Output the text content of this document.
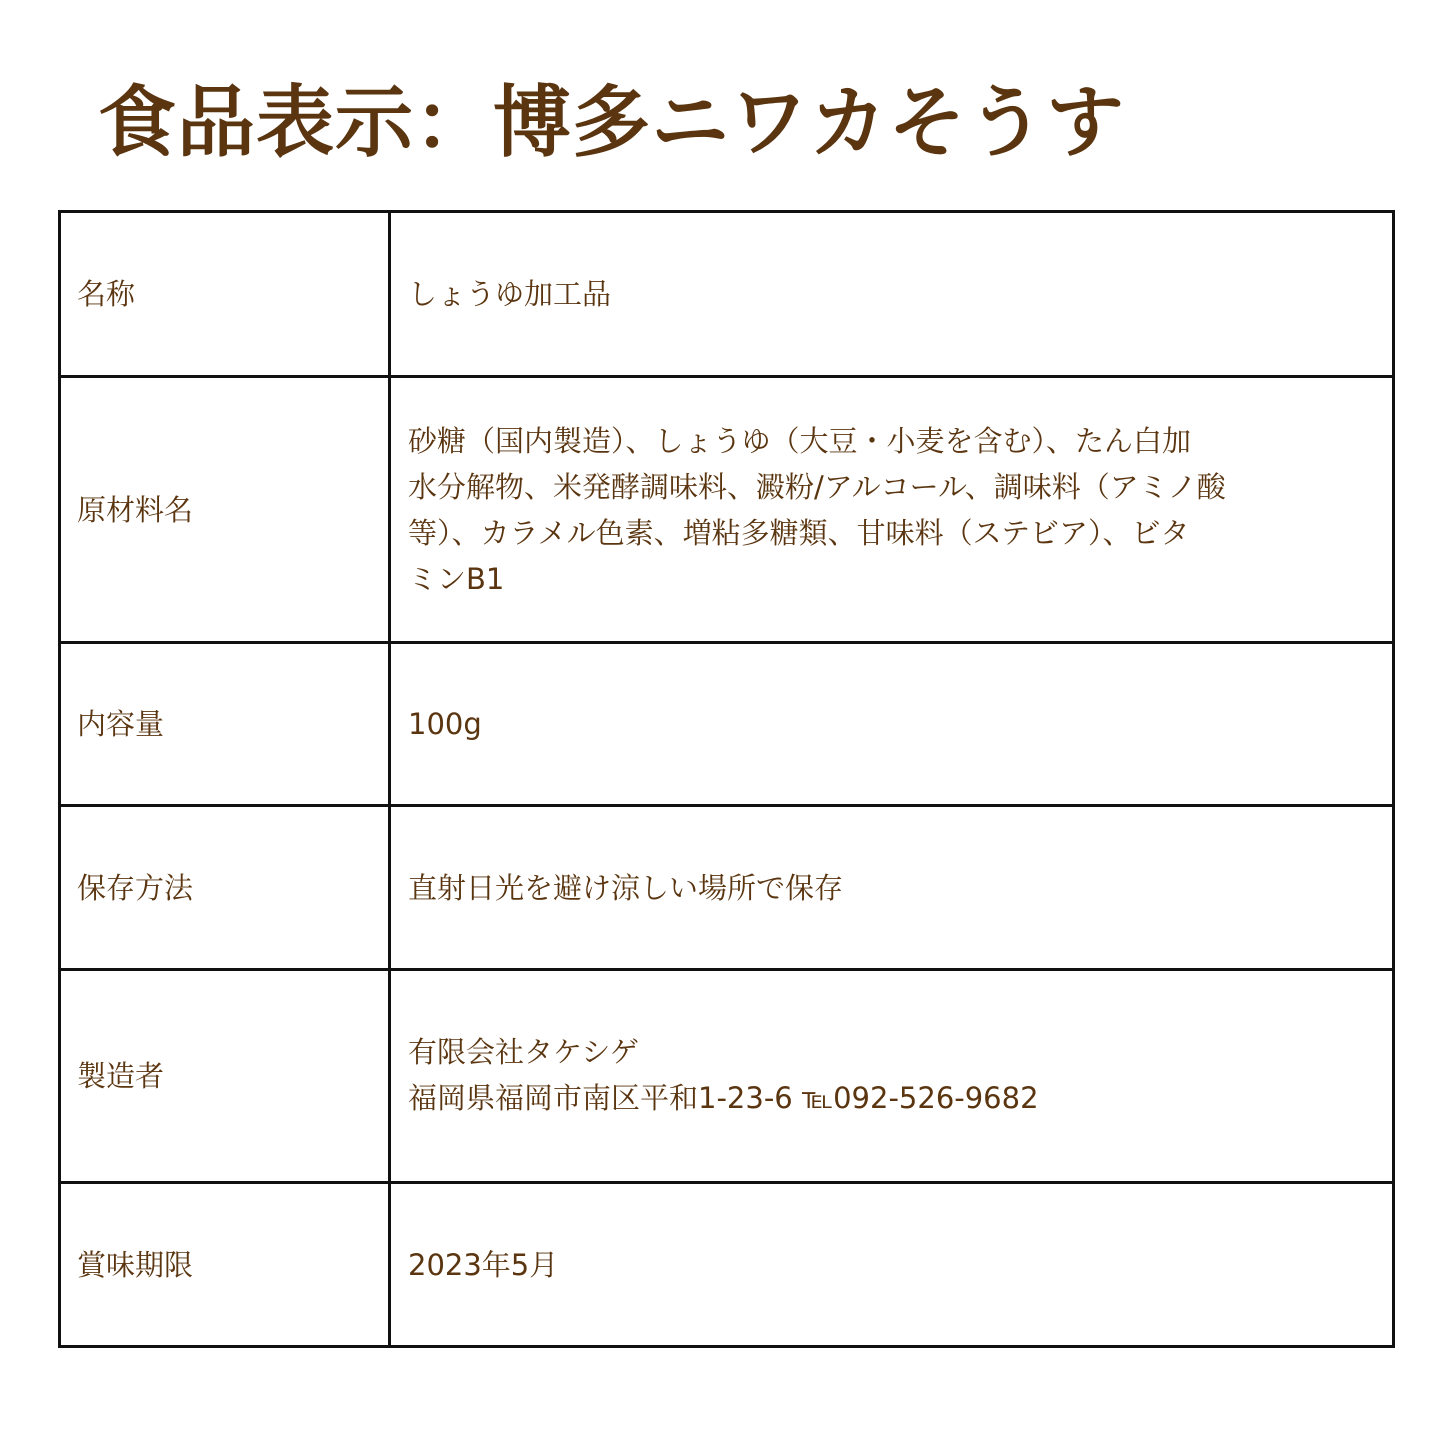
食品表示：博多ニワカそうす
名称	しょうゆ加工品
原材料名	砂糖（国内製造）、しょうゆ（大豆・小麦を含む）、たん白加
水分解物、米発酵調味料、澱粉/アルコール、調味料（アミノ酸
等）、カラメル色素、増粘多糖類、甘味料（ステビア）、ビタ
ミンB1

内容量	100g
保存方法	直射日光を避け涼しい場所で保存
製造者	有限会社タケシゲ
福岡県福岡市南区平和1-23-6 ℡092-526-9682

賞味期限	2023年5月
